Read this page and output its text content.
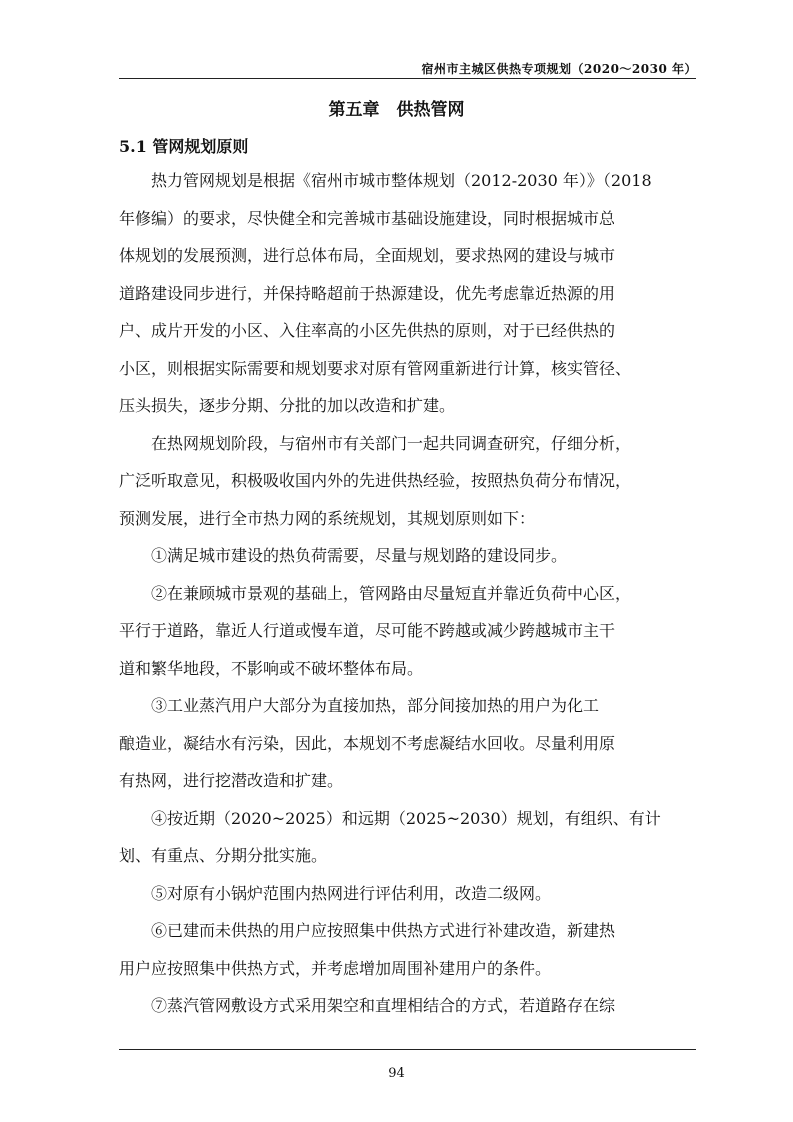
宿州市主城区供热专项规划（2020～2030 年）
第五章　供热管网
5.1 管网规划原则
热力管网规划是根据《宿州市城市整体规划（2012-2030 年）》（2018
年修编）的要求，尽快健全和完善城市基础设施建设，同时根据城市总
体规划的发展预测，进行总体布局，全面规划，要求热网的建设与城市
道路建设同步进行，并保持略超前于热源建设，优先考虑靠近热源的用
户、成片开发的小区、入住率高的小区先供热的原则，对于已经供热的
小区，则根据实际需要和规划要求对原有管网重新进行计算，核实管径、
压头损失，逐步分期、分批的加以改造和扩建。
在热网规划阶段，与宿州市有关部门一起共同调查研究，仔细分析，
广泛听取意见，积极吸收国内外的先进供热经验，按照热负荷分布情况，
预测发展，进行全市热力网的系统规划，其规划原则如下：
①满足城市建设的热负荷需要，尽量与规划路的建设同步。
②在兼顾城市景观的基础上，管网路由尽量短直并靠近负荷中心区，
平行于道路，靠近人行道或慢车道，尽可能不跨越或减少跨越城市主干
道和繁华地段，不影响或不破坏整体布局。
③工业蒸汽用户大部分为直接加热，部分间接加热的用户为化工
酿造业，凝结水有污染，因此，本规划不考虑凝结水回收。尽量利用原
有热网，进行挖潜改造和扩建。
④按近期（2020~2025）和远期（2025~2030）规划，有组织、有计
划、有重点、分期分批实施。
⑤对原有小锅炉范围内热网进行评估利用，改造二级网。
⑥已建而未供热的用户应按照集中供热方式进行补建改造，新建热
用户应按照集中供热方式，并考虑增加周围补建用户的条件。
⑦蒸汽管网敷设方式采用架空和直埋相结合的方式，若道路存在综
94
